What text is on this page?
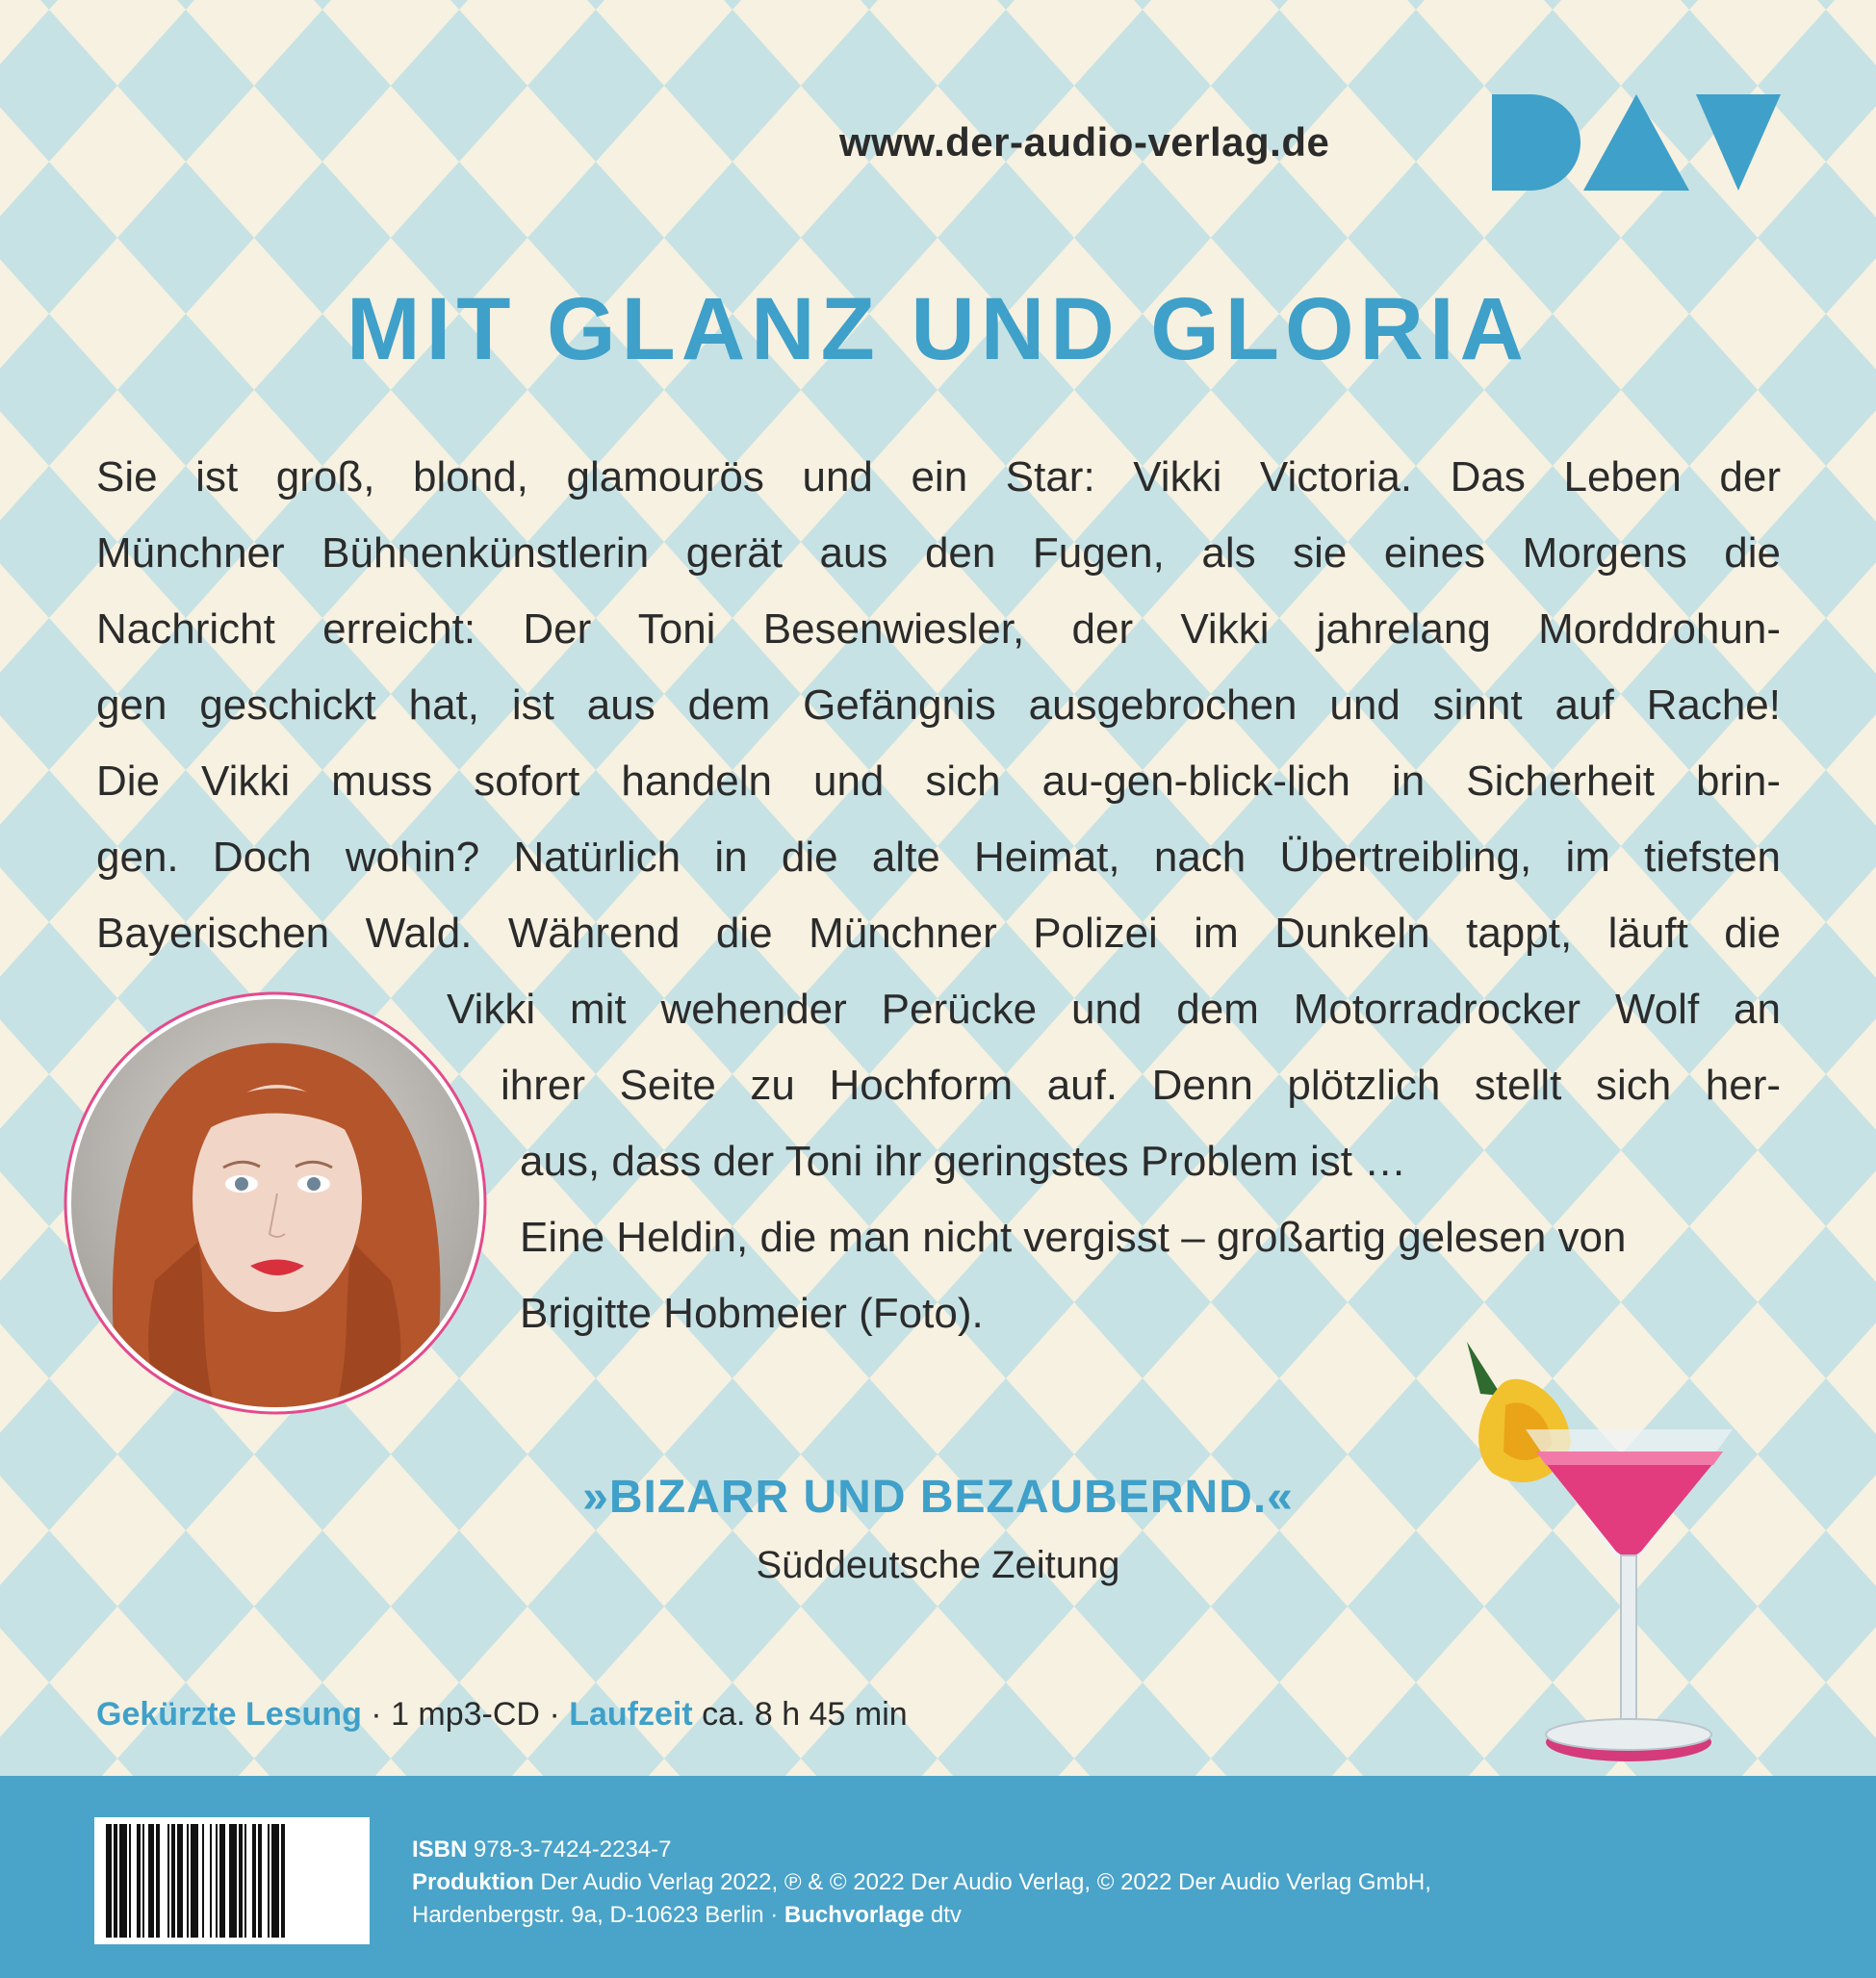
www.der-audio-verlag.de
MIT GLANZ UND GLORIA
Sie ist groß, blond, glamourös und ein Star: Vikki Victoria. Das Leben der
Münchner Bühnenkünstlerin gerät aus den Fugen, als sie eines Morgens die
Nachricht erreicht: Der Toni Besenwiesler, der Vikki jahrelang Morddrohun-
gen geschickt hat, ist aus dem Gefängnis ausgebrochen und sinnt auf Rache!
Die Vikki muss sofort handeln und sich au-gen-blick-lich in Sicherheit brin-
gen. Doch wohin? Natürlich in die alte Heimat, nach Übertreibling, im tiefsten
Bayerischen Wald. Während die Münchner Polizei im Dunkeln tappt, läuft die
Vikki mit wehender Perücke und dem Motorradrocker Wolf an
ihrer Seite zu Hochform auf. Denn plötzlich stellt sich her-
aus, dass der Toni ihr geringstes Problem ist …
Eine Heldin, die man nicht vergisst – großartig gelesen von
Brigitte Hobmeier (Foto).
»BIZARR UND BEZAUBERND.«
Süddeutsche Zeitung
Gekürzte Lesung · 1 mp3-CD · Laufzeit ca. 8 h 45 min
ISBN 978-3-7424-2234-7
Produktion Der Audio Verlag 2022, ℗ & © 2022 Der Audio Verlag, © 2022 Der Audio Verlag GmbH,
Hardenbergstr. 9a, D-10623 Berlin · Buchvorlage dtv
